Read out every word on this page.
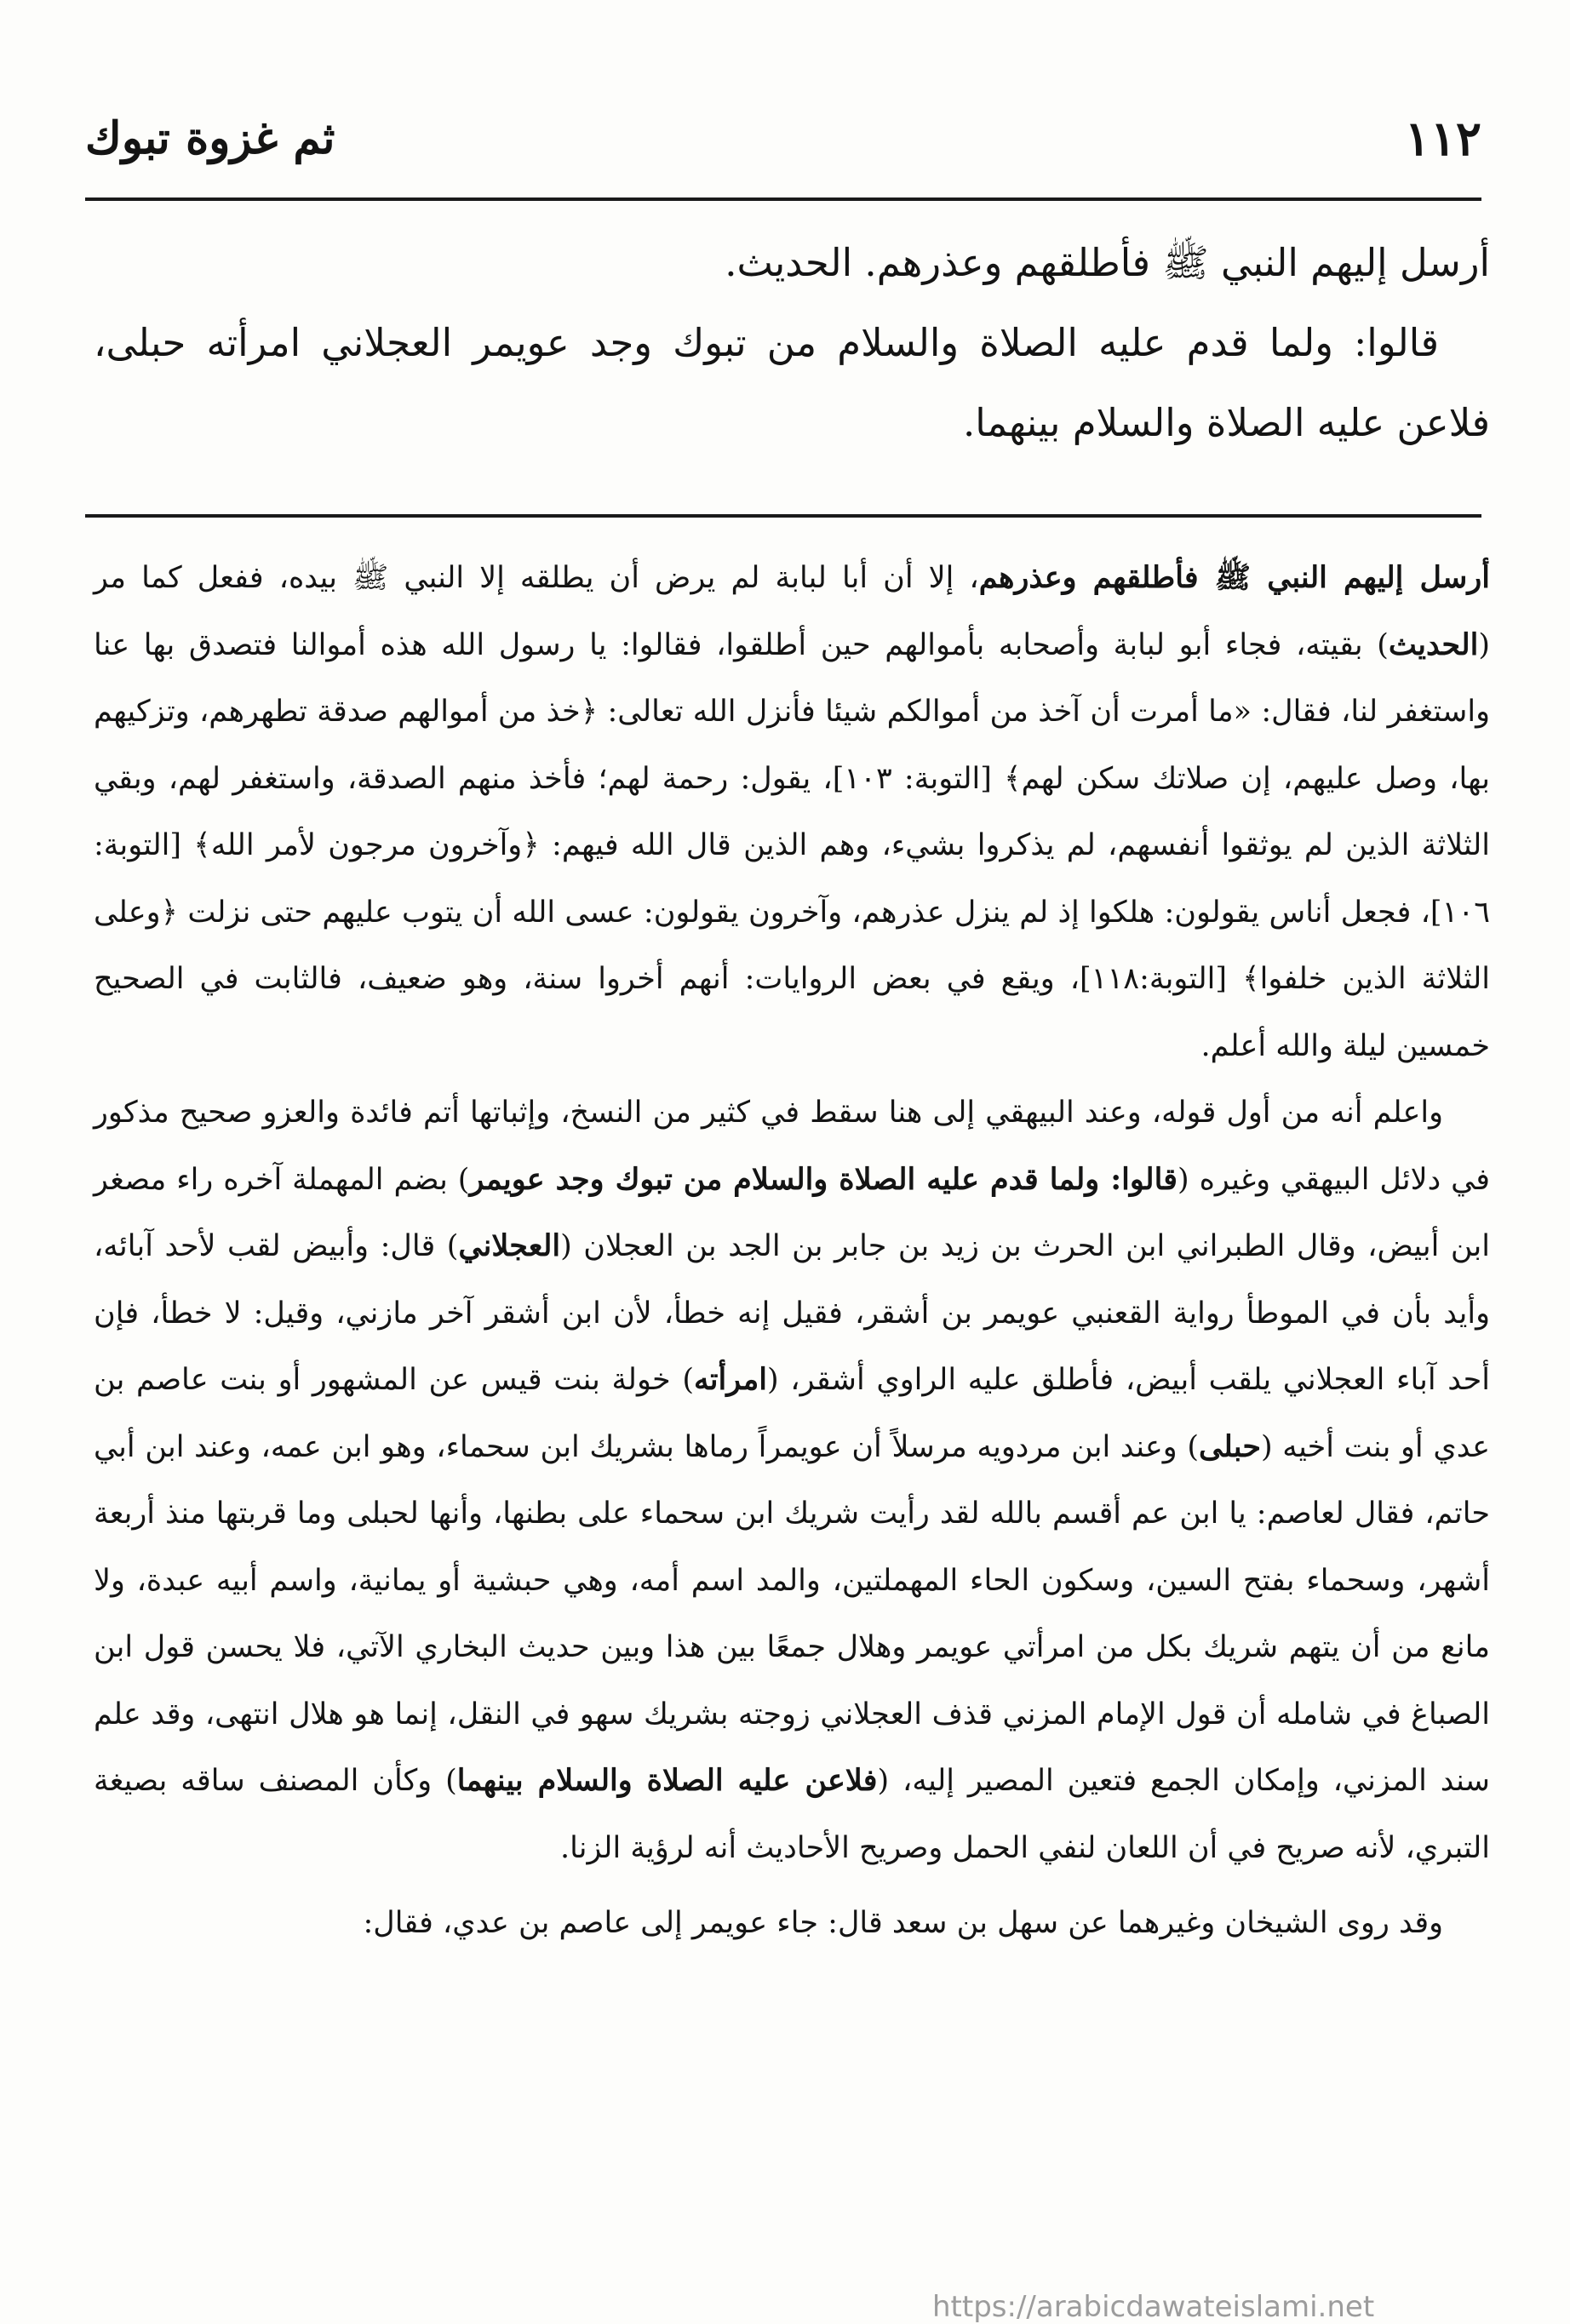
١١٢
ثم غزوة تبوك

أرسل إليهم النبي ﷺ فأطلقهم وعذرهم. الحديث.

قالوا: ولما قدم عليه الصلاة والسلام من تبوك وجد عويمر العجلاني امرأته حبلى، فلاعن عليه الصلاة والسلام بينهما.

أرسل إليهم النبي ﷺ فأطلقهم وعذرهم، إلا أن أبا لبابة لم يرض أن يطلقه إلا النبي ﷺ بيده، ففعل كما مر (الحديث) بقيته، فجاء أبو لبابة وأصحابه بأموالهم حين أطلقوا، فقالوا: يا رسول الله هذه أموالنا فتصدق بها عنا واستغفر لنا، فقال: «ما أمرت أن آخذ من أموالكم شيئا فأنزل الله تعالى: ﴿خذ من أموالهم صدقة تطهرهم، وتزكيهم بها، وصل عليهم، إن صلاتك سكن لهم﴾ [التوبة: ١٠٣]، يقول: رحمة لهم؛ فأخذ منهم الصدقة، واستغفر لهم، وبقي الثلاثة الذين لم يوثقوا أنفسهم، لم يذكروا بشيء، وهم الذين قال الله فيهم: ﴿وآخرون مرجون لأمر الله﴾ [التوبة: ١٠٦]، فجعل أناس يقولون: هلكوا إذ لم ينزل عذرهم، وآخرون يقولون: عسى الله أن يتوب عليهم حتى نزلت ﴿وعلى الثلاثة الذين خلفوا﴾ [التوبة:١١٨]، ويقع في بعض الروايات: أنهم أخروا سنة، وهو ضعيف، فالثابت في الصحيح خمسين ليلة والله أعلم.

واعلم أنه من أول قوله، وعند البيهقي إلى هنا سقط في كثير من النسخ، وإثباتها أتم فائدة والعزو صحيح مذكور في دلائل البيهقي وغيره (قالوا: ولما قدم عليه الصلاة والسلام من تبوك وجد عويمر) بضم المهملة آخره راء مصغر ابن أبيض، وقال الطبراني ابن الحرث بن زيد بن جابر بن الجد بن العجلان (العجلاني) قال: وأبيض لقب لأحد آبائه، وأيد بأن في الموطأ رواية القعنبي عويمر بن أشقر، فقيل إنه خطأ، لأن ابن أشقر آخر مازني، وقيل: لا خطأ، فإن أحد آباء العجلاني يلقب أبيض، فأطلق عليه الراوي أشقر، (امرأته) خولة بنت قيس عن المشهور أو بنت عاصم بن عدي أو بنت أخيه (حبلى) وعند ابن مردويه مرسلاً أن عويمراً رماها بشريك ابن سحماء، وهو ابن عمه، وعند ابن أبي حاتم، فقال لعاصم: يا ابن عم أقسم بالله لقد رأيت شريك ابن سحماء على بطنها، وأنها لحبلى وما قربتها منذ أربعة أشهر، وسحماء بفتح السين، وسكون الحاء المهملتين، والمد اسم أمه، وهي حبشية أو يمانية، واسم أبيه عبدة، ولا مانع من أن يتهم شريك بكل من امرأتي عويمر وهلال جمعًا بين هذا وبين حديث البخاري الآتي، فلا يحسن قول ابن الصباغ في شامله أن قول الإمام المزني قذف العجلاني زوجته بشريك سهو في النقل، إنما هو هلال انتهى، وقد علم سند المزني، وإمكان الجمع فتعين المصير إليه، (فلاعن عليه الصلاة والسلام بينهما) وكأن المصنف ساقه بصيغة التبري، لأنه صريح في أن اللعان لنفي الحمل وصريح الأحاديث أنه لرؤية الزنا.

وقد روى الشيخان وغيرهما عن سهل بن سعد قال: جاء عويمر إلى عاصم بن عدي، فقال:

https://arabicdawateislami.net
